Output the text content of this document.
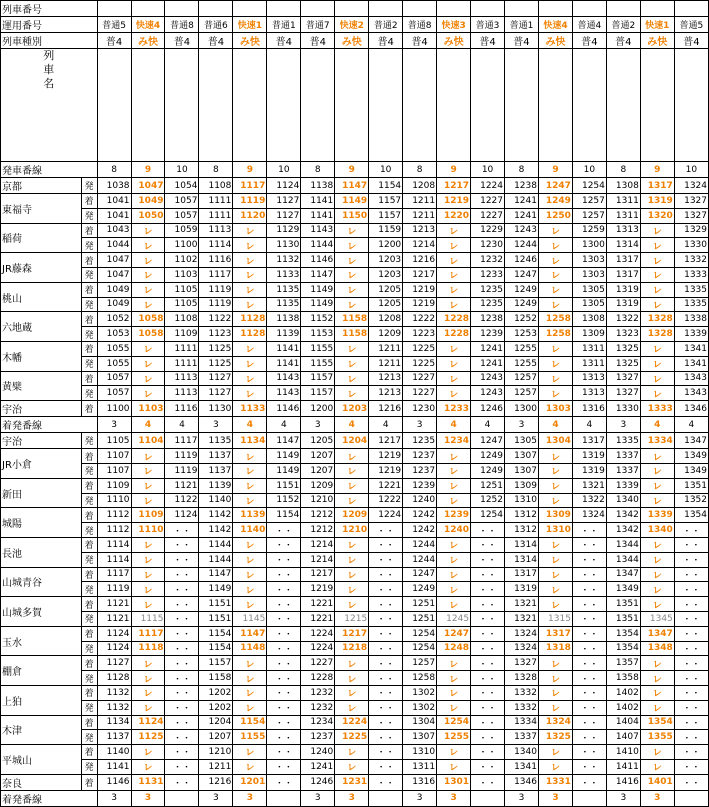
列車番号																			
運用番号		普通5	快速4	普通8	普通6	快速1	普通1	普通7	快速2	普通2	普通8	快速3	普通3	普通1	快速4	普通4	普通2	快速1	普通5
列車種別		普4	み快	普4	普4	み快	普4	普4	み快	普4	普4	み快	普4	普4	み快	普4	普4	み快	普4

列
車
名																			

発車番線		8	9	10	8	9	10	8	9	10	8	9	10	8	9	10	8	9	10
京都	発	1038	1047	1054	1108	1117	1124	1138	1147	1154	1208	1217	1224	1238	1247	1254	1308	1317	1324
東福寺	着	1041	1049	1057	1111	1119	1127	1141	1149	1157	1211	1219	1227	1241	1249	1257	1311	1319	1327
	発	1041	1050	1057	1111	1120	1127	1141	1150	1157	1211	1220	1227	1241	1250	1257	1311	1320	1327
稲荷	着	1043	レ	1059	1113	レ	1129	1143	レ	1159	1213	レ	1229	1243	レ	1259	1313	レ	1329
	発	1044	レ	1100	1114	レ	1130	1144	レ	1200	1214	レ	1230	1244	レ	1300	1314	レ	1330
JR藤森	着	1047	レ	1102	1116	レ	1132	1146	レ	1203	1216	レ	1232	1246	レ	1303	1317	レ	1332
	発	1047	レ	1103	1117	レ	1133	1147	レ	1203	1217	レ	1233	1247	レ	1303	1317	レ	1333
桃山	着	1049	レ	1105	1119	レ	1135	1149	レ	1205	1219	レ	1235	1249	レ	1305	1319	レ	1335
	発	1049	レ	1105	1119	レ	1135	1149	レ	1205	1219	レ	1235	1249	レ	1305	1319	レ	1335
六地蔵	着	1052	1058	1108	1122	1128	1138	1152	1158	1208	1222	1228	1238	1252	1258	1308	1322	1328	1338
	発	1053	1058	1109	1123	1128	1139	1153	1158	1209	1223	1228	1239	1253	1258	1309	1323	1328	1339
木幡	着	1055	レ	1111	1125	レ	1141	1155	レ	1211	1225	レ	1241	1255	レ	1311	1325	レ	1341
	発	1055	レ	1111	1125	レ	1141	1155	レ	1211	1225	レ	1241	1255	レ	1311	1325	レ	1341
黄檗	着	1057	レ	1113	1127	レ	1143	1157	レ	1213	1227	レ	1243	1257	レ	1313	1327	レ	1343
	発	1057	レ	1113	1127	レ	1143	1157	レ	1213	1227	レ	1243	1257	レ	1313	1327	レ	1343
宇治	着	1100	1103	1116	1130	1133	1146	1200	1203	1216	1230	1233	1246	1300	1303	1316	1330	1333	1346
着発番線		3	4	4	3	4	4	3	4	4	3	4	4	3	4	4	3	4	4
宇治	発	1105	1104	1117	1135	1134	1147	1205	1204	1217	1235	1234	1247	1305	1304	1317	1335	1334	1347
JR小倉	着	1107	レ	1119	1137	レ	1149	1207	レ	1219	1237	レ	1249	1307	レ	1319	1337	レ	1349
	発	1107	レ	1119	1137	レ	1149	1207	レ	1219	1237	レ	1249	1307	レ	1319	1337	レ	1349
新田	着	1109	レ	1121	1139	レ	1151	1209	レ	1221	1239	レ	1251	1309	レ	1321	1339	レ	1351
	発	1110	レ	1122	1140	レ	1152	1210	レ	1222	1240	レ	1252	1310	レ	1322	1340	レ	1352
城陽	着	1112	1109	1124	1142	1139	1154	1212	1209	1224	1242	1239	1254	1312	1309	1324	1342	1339	1354
	発	1112	1110	・・	1142	1140	・・	1212	1210	・・	1242	1240	・・	1312	1310	・・	1342	1340	・・
長池	着	1114	レ	・・	1144	レ	・・	1214	レ	・・	1244	レ	・・	1314	レ	・・	1344	レ	・・
	発	1114	レ	・・	1144	レ	・・	1214	レ	・・	1244	レ	・・	1314	レ	・・	1344	レ	・・
山城青谷	着	1117	レ	・・	1147	レ	・・	1217	レ	・・	1247	レ	・・	1317	レ	・・	1347	レ	・・
	発	1119	レ	・・	1149	レ	・・	1219	レ	・・	1249	レ	・・	1319	レ	・・	1349	レ	・・
山城多賀	着	1121	レ	・・	1151	レ	・・	1221	レ	・・	1251	レ	・・	1321	レ	・・	1351	レ	・・
	発	1121	1115	・・	1151	1145	・・	1221	1215	・・	1251	1245	・・	1321	1315	・・	1351	1345	・・
玉水	着	1124	1117	・・	1154	1147	・・	1224	1217	・・	1254	1247	・・	1324	1317	・・	1354	1347	・・
	発	1124	1118	・・	1154	1148	・・	1224	1218	・・	1254	1248	・・	1324	1318	・・	1354	1348	・・
棚倉	着	1127	レ	・・	1157	レ	・・	1227	レ	・・	1257	レ	・・	1327	レ	・・	1357	レ	・・
	発	1128	レ	・・	1158	レ	・・	1228	レ	・・	1258	レ	・・	1328	レ	・・	1358	レ	・・
上狛	着	1132	レ	・・	1202	レ	・・	1232	レ	・・	1302	レ	・・	1332	レ	・・	1402	レ	・・
	発	1132	レ	・・	1202	レ	・・	1232	レ	・・	1302	レ	・・	1332	レ	・・	1402	レ	・・
木津	着	1134	1124	・・	1204	1154	・・	1234	1224	・・	1304	1254	・・	1334	1324	・・	1404	1354	・・
	発	1137	1125	・・	1207	1155	・・	1237	1225	・・	1307	1255	・・	1337	1325	・・	1407	1355	・・
平城山	着	1140	レ	・・	1210	レ	・・	1240	レ	・・	1310	レ	・・	1340	レ	・・	1410	レ	・・
	発	1141	レ	・・	1211	レ	・・	1241	レ	・・	1311	レ	・・	1341	レ	・・	1411	レ	・・
奈良	着	1146	1131	・・	1216	1201	・・	1246	1231	・・	1316	1301	・・	1346	1331	・・	1416	1401	・・
着発番線		3	3		3	3		3	3		3	3		3	3		3	3	
